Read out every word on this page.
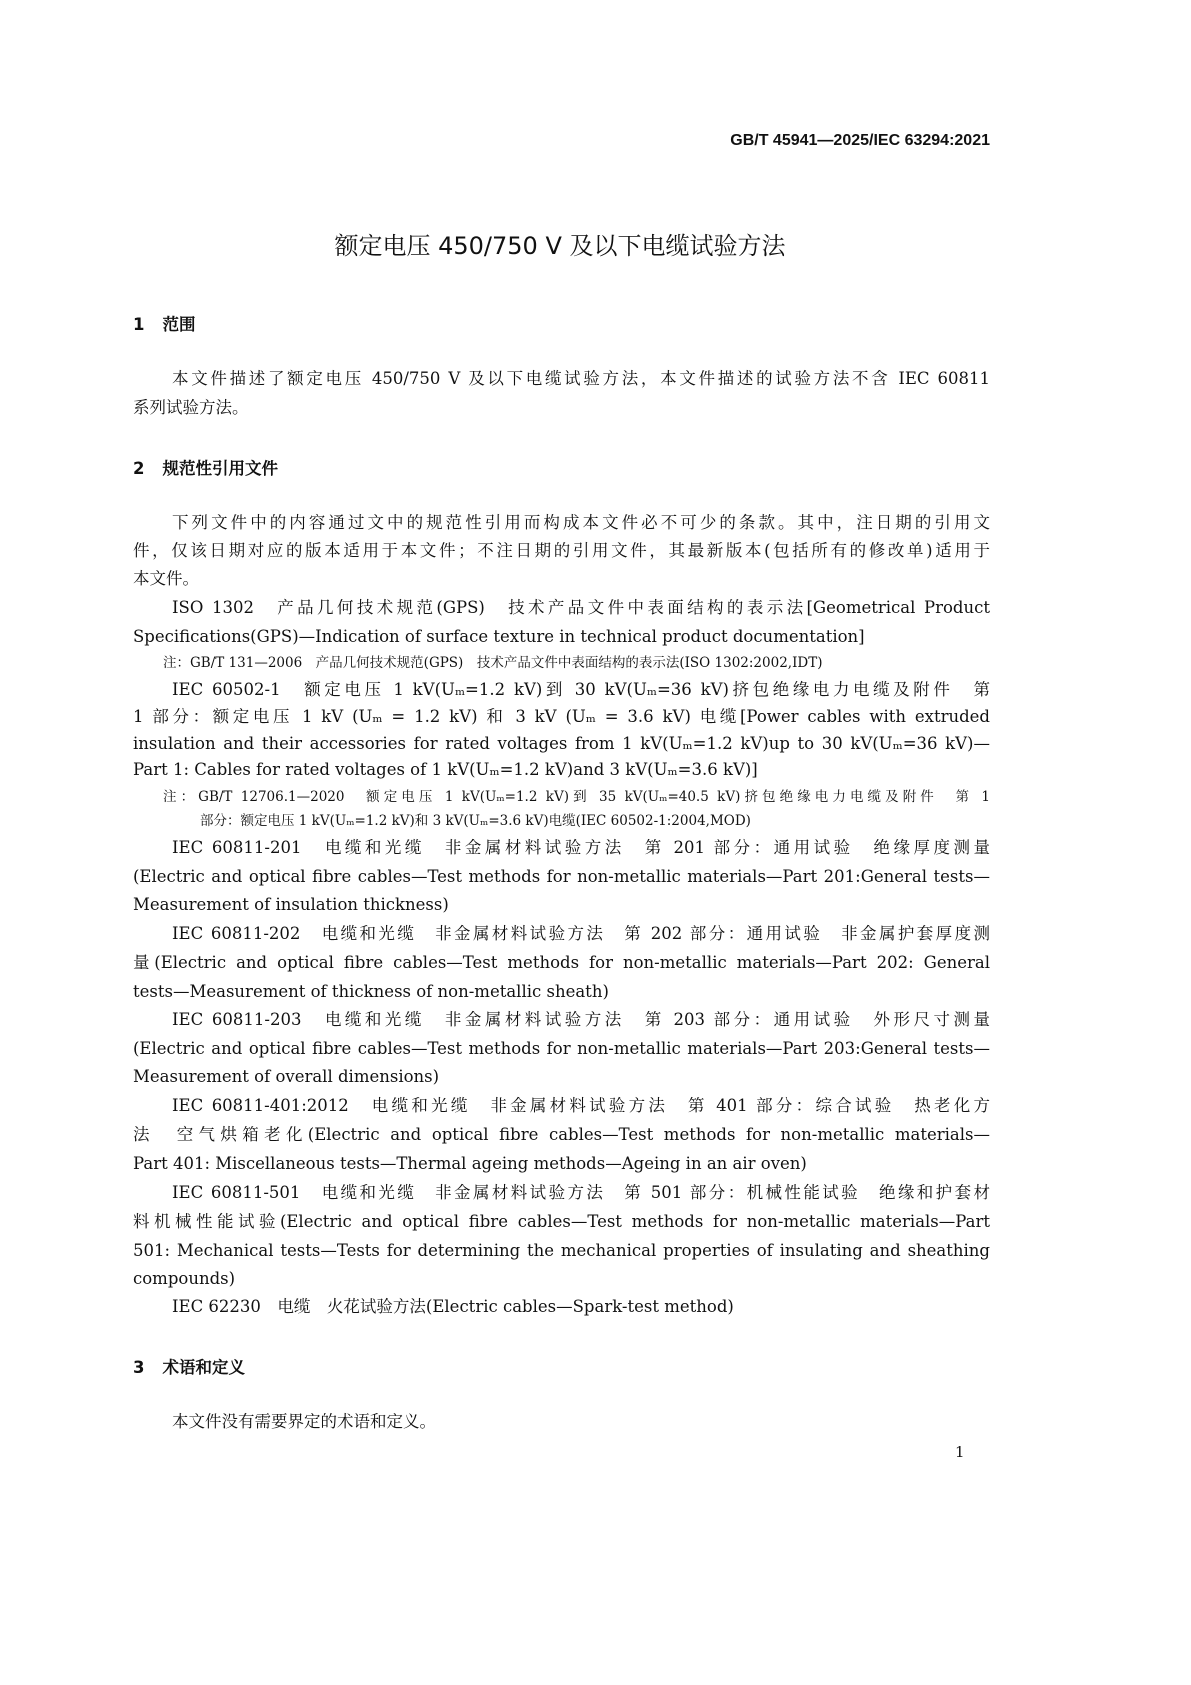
GB/T 45941—2025/IEC 63294:2021
额定电压 450/750 V 及以下电缆试验方法
1 范围
本文件描述了额定电压 450/750 V 及以下电缆试验方法，本文件描述的试验方法不含 IEC 60811
系列试验方法。
2 规范性引用文件
下列文件中的内容通过文中的规范性引用而构成本文件必不可少的条款。其中，注日期的引用文
件，仅该日期对应的版本适用于本文件；不注日期的引用文件，其最新版本(包括所有的修改单)适用于
本文件。
ISO 1302　产品几何技术规范(GPS)　技术产品文件中表面结构的表示法[Geometrical Product
Specifications(GPS)—Indication of surface texture in technical product documentation]
注：GB/T 131—2006　产品几何技术规范(GPS)　技术产品文件中表面结构的表示法(ISO 1302:2002,IDT)
IEC 60502-1　额定电压 1 kV(Uₘ=1.2 kV)到 30 kV(Uₘ=36 kV)挤包绝缘电力电缆及附件　第
1 部分：额定电压 1 kV (Uₘ = 1.2 kV) 和 3 kV (Uₘ = 3.6 kV) 电缆[Power cables with extruded
insulation and their accessories for rated voltages from 1 kV(Uₘ=1.2 kV)up to 30 kV(Uₘ=36 kV)—
Part 1: Cables for rated voltages of 1 kV(Uₘ=1.2 kV)and 3 kV(Uₘ=3.6 kV)]
注：GB/T 12706.1—2020　额定电压 1 kV(Uₘ=1.2 kV)到 35 kV(Uₘ=40.5 kV)挤包绝缘电力电缆及附件　第 1
部分：额定电压 1 kV(Uₘ=1.2 kV)和 3 kV(Uₘ=3.6 kV)电缆(IEC 60502-1:2004,MOD)
IEC 60811-201　电缆和光缆　非金属材料试验方法　第 201 部分：通用试验　绝缘厚度测量
(Electric and optical fibre cables—Test methods for non-metallic materials—Part 201:General tests—
Measurement of insulation thickness)
IEC 60811-202　电缆和光缆　非金属材料试验方法　第 202 部分：通用试验　非金属护套厚度测
量(Electric and optical fibre cables—Test methods for non-metallic materials—Part 202: General
tests—Measurement of thickness of non-metallic sheath)
IEC 60811-203　电缆和光缆　非金属材料试验方法　第 203 部分：通用试验　外形尺寸测量
(Electric and optical fibre cables—Test methods for non-metallic materials—Part 203:General tests—
Measurement of overall dimensions)
IEC 60811-401:2012　电缆和光缆　非金属材料试验方法　第 401 部分：综合试验　热老化方
法　空气烘箱老化(Electric and optical fibre cables—Test methods for non-metallic materials—
Part 401: Miscellaneous tests—Thermal ageing methods—Ageing in an air oven)
IEC 60811-501　电缆和光缆　非金属材料试验方法　第 501 部分：机械性能试验　绝缘和护套材
料机械性能试验(Electric and optical fibre cables—Test methods for non-metallic materials—Part
501: Mechanical tests—Tests for determining the mechanical properties of insulating and sheathing
compounds)
IEC 62230　电缆　火花试验方法(Electric cables—Spark-test method)
3 术语和定义
本文件没有需要界定的术语和定义。
1
